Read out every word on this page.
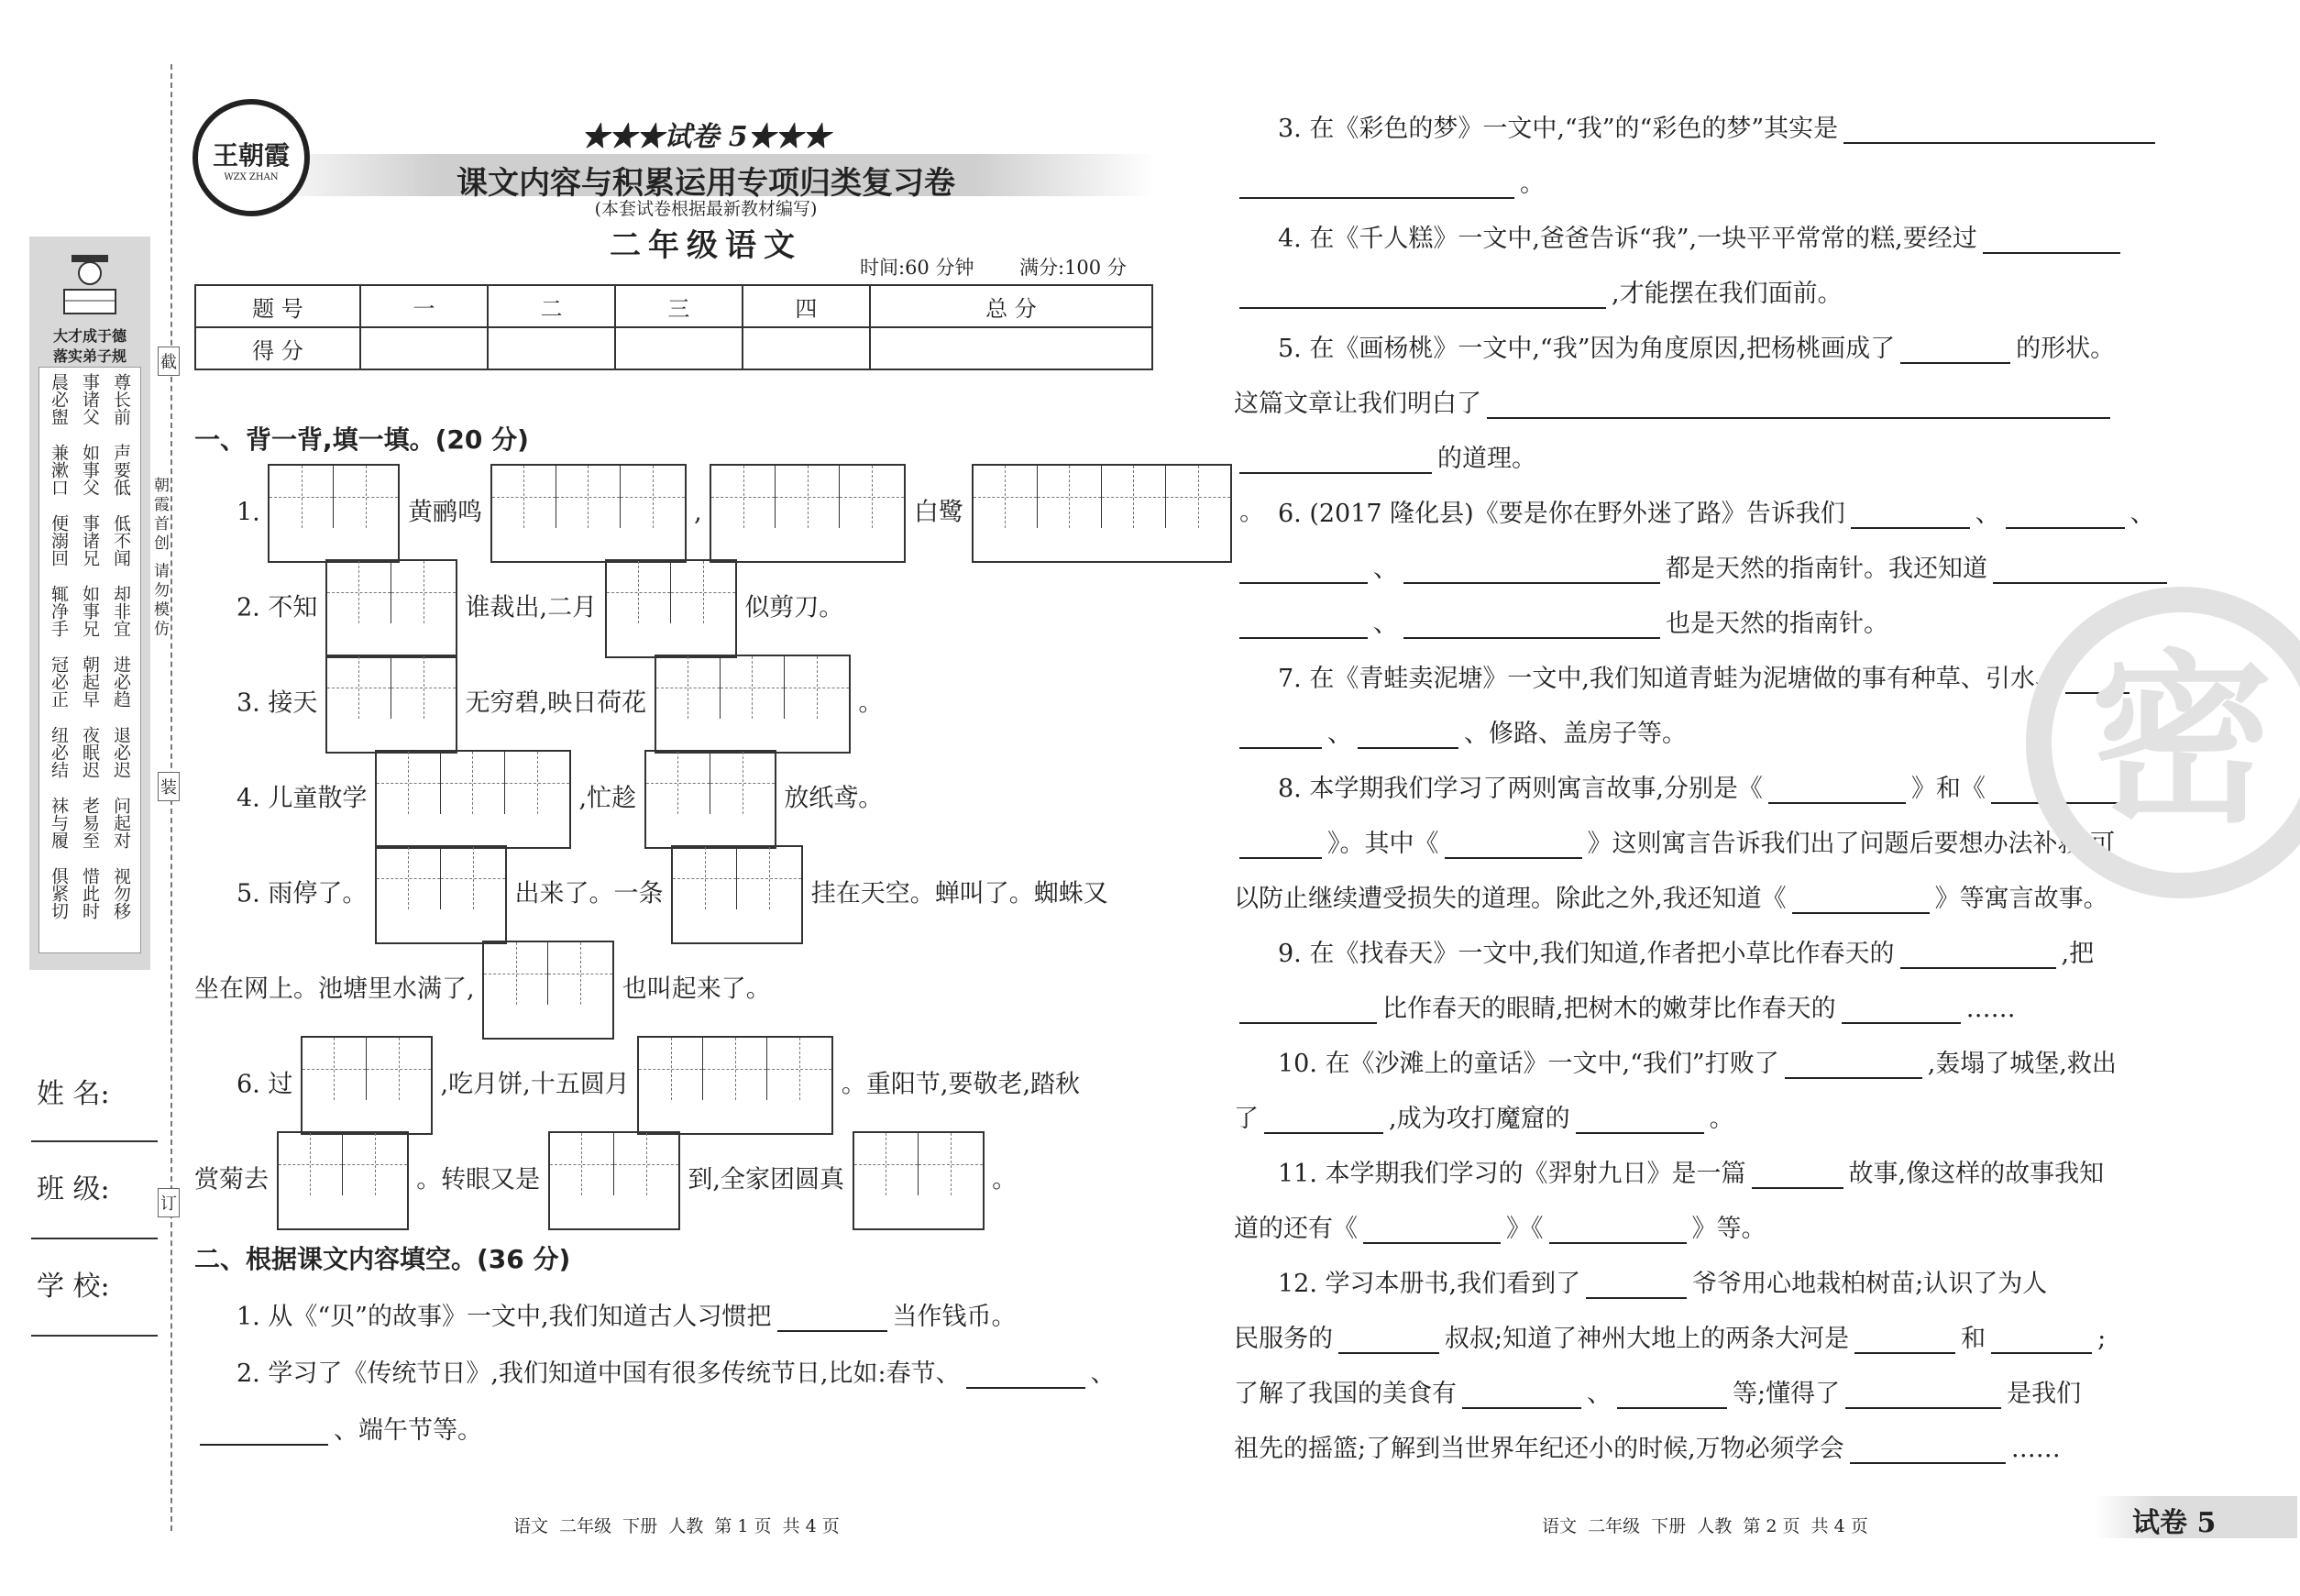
大才成于德
落实弟子规
晨必盥 事诸父 尊长前
兼漱口 如事父 声要低
便溺回 事诸兄 低不闻
辄净手 如事兄 却非宜
冠必正 朝起早 进必趋
纽必结 夜眠迟 退必迟
袜与履 老易至 问起对
俱紧切 惜此时 视勿移
截
装
订
朝霞首创 请勿模仿
姓 名:
班 级:
学 校:
王朝霞
WZX ZHAN
★★★试卷 5★★★
课文内容与积累运用专项归类复习卷
(本套试卷根据最新教材编写)
二年级语文
时间:60 分钟 满分:100 分
题 号	一	二	三	四	总 分
得 分					
一、背一背,填一填。(20 分)
1.	黄鹂鸣	,	白鹭	。
2. 不知	谁裁出,二月	似剪刀。
3. 接天	无穷碧,映日荷花	。
4. 儿童散学	,忙趁	放纸鸢。
5. 雨停了。	出来了。一条	挂在天空。蝉叫了。蜘蛛又
坐在网上。池塘里水满了,	也叫起来了。
6. 过	,吃月饼,十五圆月	。重阳节,要敬老,踏秋
赏菊去	。转眼又是	到,全家团圆真	。
二、根据课文内容填空。(36 分)
1. 从《“贝”的故事》一文中,我们知道古人习惯把	当作钱币。
2. 学习了《传统节日》,我们知道中国有很多传统节日,比如:春节、	、
、端午节等。
语文  二年级  下册  人教  第 1 页  共 4 页
3. 在《彩色的梦》一文中,“我”的“彩色的梦”其实是
。
4. 在《千人糕》一文中,爸爸告诉“我”,一块平平常常的糕,要经过
,才能摆在我们面前。
5. 在《画杨桃》一文中,“我”因为角度原因,把杨桃画成了	的形状。
这篇文章让我们明白了
的道理。
6. (2017 隆化县)《要是你在野外迷了路》告诉我们	、	、
、	都是天然的指南针。我还知道
、	也是天然的指南针。
7. 在《青蛙卖泥塘》一文中,我们知道青蛙为泥塘做的事有种草、引水、
、	、修路、盖房子等。
8. 本学期我们学习了两则寓言故事,分别是《	》和《
》。其中《	》这则寓言告诉我们出了问题后要想办法补救,可
以防止继续遭受损失的道理。除此之外,我还知道《	》等寓言故事。
9. 在《找春天》一文中,我们知道,作者把小草比作春天的	,把
比作春天的眼睛,把树木的嫩芽比作春天的	……
10. 在《沙滩上的童话》一文中,“我们”打败了	,轰塌了城堡,救出
了	,成为攻打魔窟的	。
11. 本学期我们学习的《羿射九日》是一篇	故事,像这样的故事我知
道的还有《	》《	》等。
12. 学习本册书,我们看到了	爷爷用心地栽柏树苗;认识了为人
民服务的	叔叔;知道了神州大地上的两条大河是	和	;
了解了我国的美食有	、	等;懂得了	是我们
祖先的摇篮;了解到当世界年纪还小的时候,万物必须学会	……
密
语文  二年级  下册  人教  第 2 页  共 4 页	试卷 5
